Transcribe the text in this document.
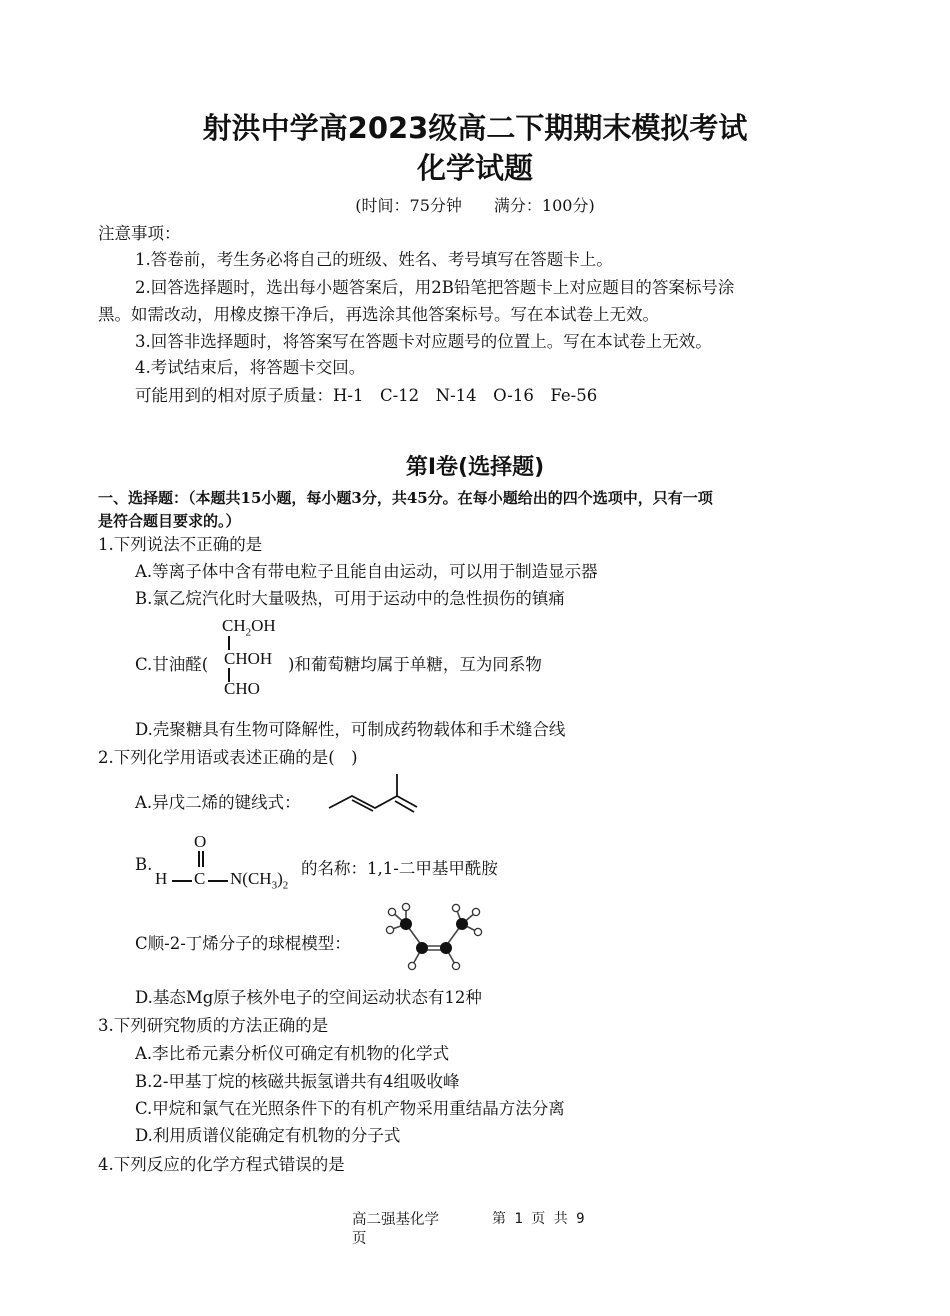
射洪中学高2023级高二下期期末模拟考试
化学试题
(时间：75分钟　　满分：100分)
注意事项：
1.答卷前，考生务必将自己的班级、姓名、考号填写在答题卡上。
2.回答选择题时，选出每小题答案后，用2B铅笔把答题卡上对应题目的答案标号涂
黑。如需改动，用橡皮擦干净后，再选涂其他答案标号。写在本试卷上无效。
3.回答非选择题时，将答案写在答题卡对应题号的位置上。写在本试卷上无效。
4.考试结束后，将答题卡交回。
可能用到的相对原子质量：H-1　C-12　N-14　O-16　Fe-56
第I卷(选择题)
一、选择题：（本题共15小题，每小题3分，共45分。在每小题给出的四个选项中，只有一项
是符合题目要求的。）
1.下列说法不正确的是
A.等离子体中含有带电粒子且能自由运动，可以用于制造显示器
B.氯乙烷汽化时大量吸热，可用于运动中的急性损伤的镇痛
C.甘油醛(
$CH_2OH$
CHOH
CHO
)和葡萄糖均属于单糖，互为同系物
D.壳聚糖具有生物可降解性，可制成药物载体和手术缝合线
2.下列化学用语或表述正确的是(　)
A.异戊二烯的键线式：
B.
O
H C $N(CH_3)_2$
的名称：1,1-二甲基甲酰胺
C顺-2-丁烯分子的球棍模型：
D.基态Mg原子核外电子的空间运动状态有12种
3.下列研究物质的方法正确的是
A.李比希元素分析仪可确定有机物的化学式
B.2-甲基丁烷的核磁共振氢谱共有4组吸收峰
C.甲烷和氯气在光照条件下的有机产物采用重结晶方法分离
D.利用质谱仪能确定有机物的分子式
4.下列反应的化学方程式错误的是
高二强基化学
页
第 1 页 共 9
